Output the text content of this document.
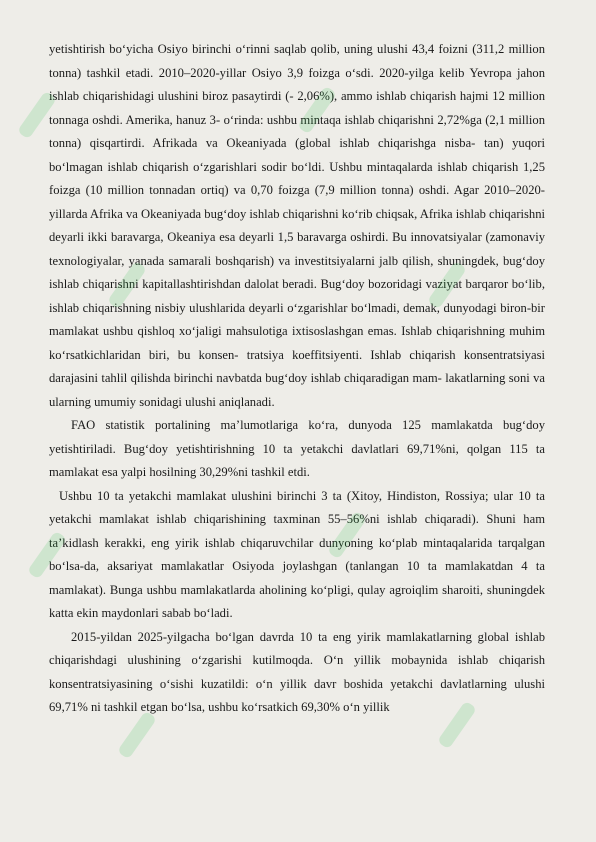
yetishtirish bo‘yicha Osiyo birinchi o‘rinni saqlab qolib, uning ulushi 43,4 foizni (311,2 million tonna) tashkil etadi. 2010–2020-yillar Osiyo 3,9 foizga o‘sdi. 2020-yilga kelib Yevropa jahon ishlab chiqarishidagi ulushini biroz pasaytirdi (- 2,06%), ammo ishlab chiqarish hajmi 12 million tonnaga oshdi. Amerika, hanuz 3- o‘rinda: ushbu mintaqa ishlab chiqarishni 2,72%ga (2,1 million tonna) qisqartirdi. Afrikada va Okeaniyada (global ishlab chiqarishga nisba- tan) yuqori bo‘lmagan ishlab chiqarish o‘zgarishlari sodir bo‘ldi. Ushbu mintaqalarda ishlab chiqarish 1,25 foizga (10 million tonnadan ortiq) va 0,70 foizga (7,9 million tonna) oshdi. Agar 2010–2020-yillarda Afrika va Okeaniyada bug‘doy ishlab chiqarishni ko‘rib chiqsak, Afrika ishlab chiqarishni deyarli ikki baravarga, Okeaniya esa deyarli 1,5 baravarga oshirdi. Bu innovatsiyalar (zamonaviy texnologiyalar, yanada samarali boshqarish) va investitsiyalarni jalb qilish, shuningdek, bug‘doy ishlab chiqarishni kapitallashtirishdan dalolat beradi. Bug‘doy bozoridagi vaziyat barqaror bo‘lib, ishlab chiqarishning nisbiy ulushlarida deyarli o‘zgarishlar bo‘lmadi, demak, dunyodagi biron-bir mamlakat ushbu qishloq xo‘jaligi mahsulotiga ixtisoslashgan emas. Ishlab chiqarishning muhim ko‘rsatkichlaridan biri, bu konsen- tratsiya koeffitsiyenti. Ishlab chiqarish konsentratsiyasi darajasini tahlil qilishda birinchi navbatda bug‘doy ishlab chiqaradigan mam- lakatlarning soni va ularning umumiy sonidagi ulushi aniqlanadi.

FAO statistik portalining ma’lumotlariga ko‘ra, dunyoda 125 mamlakatda bug‘doy yetishtiriladi. Bug‘doy yetishtirishning 10 ta yetakchi davlatlari 69,71%ni, qolgan 115 ta mamlakat esa yalpi hosilning 30,29%ni tashkil etdi.

Ushbu 10 ta yetakchi mamlakat ulushini birinchi 3 ta (Xitoy, Hindiston, Rossiya; ular 10 ta yetakchi mamlakat ishlab chiqarishining taxminan 55–56%ni ishlab chiqaradi). Shuni ham ta’kidlash kerakki, eng yirik ishlab chiqaruvchilar dunyoning ko‘plab mintaqalarida tarqalgan bo‘lsa-da, aksariyat mamlakatlar Osiyoda joylashgan (tanlangan 10 ta mamlakatdan 4 ta mamlakat). Bunga ushbu mamlakatlarda aholining ko‘pligi, qulay agroiqlim sharoiti, shuningdek katta ekin maydonlari sabab bo‘ladi.

2015-yildan 2025-yilgacha bo‘lgan davrda 10 ta eng yirik mamlakatlarning global ishlab chiqarishdagi ulushining o‘zgarishi kutilmoqda. O‘n yillik mobaynida ishlab chiqarish konsentratsiyasining o‘sishi kuzatildi: o‘n yillik davr boshida yetakchi davlatlarning ulushi 69,71% ni tashkil etgan bo‘lsa, ushbu ko‘rsatkich 69,30% o‘n yillik
